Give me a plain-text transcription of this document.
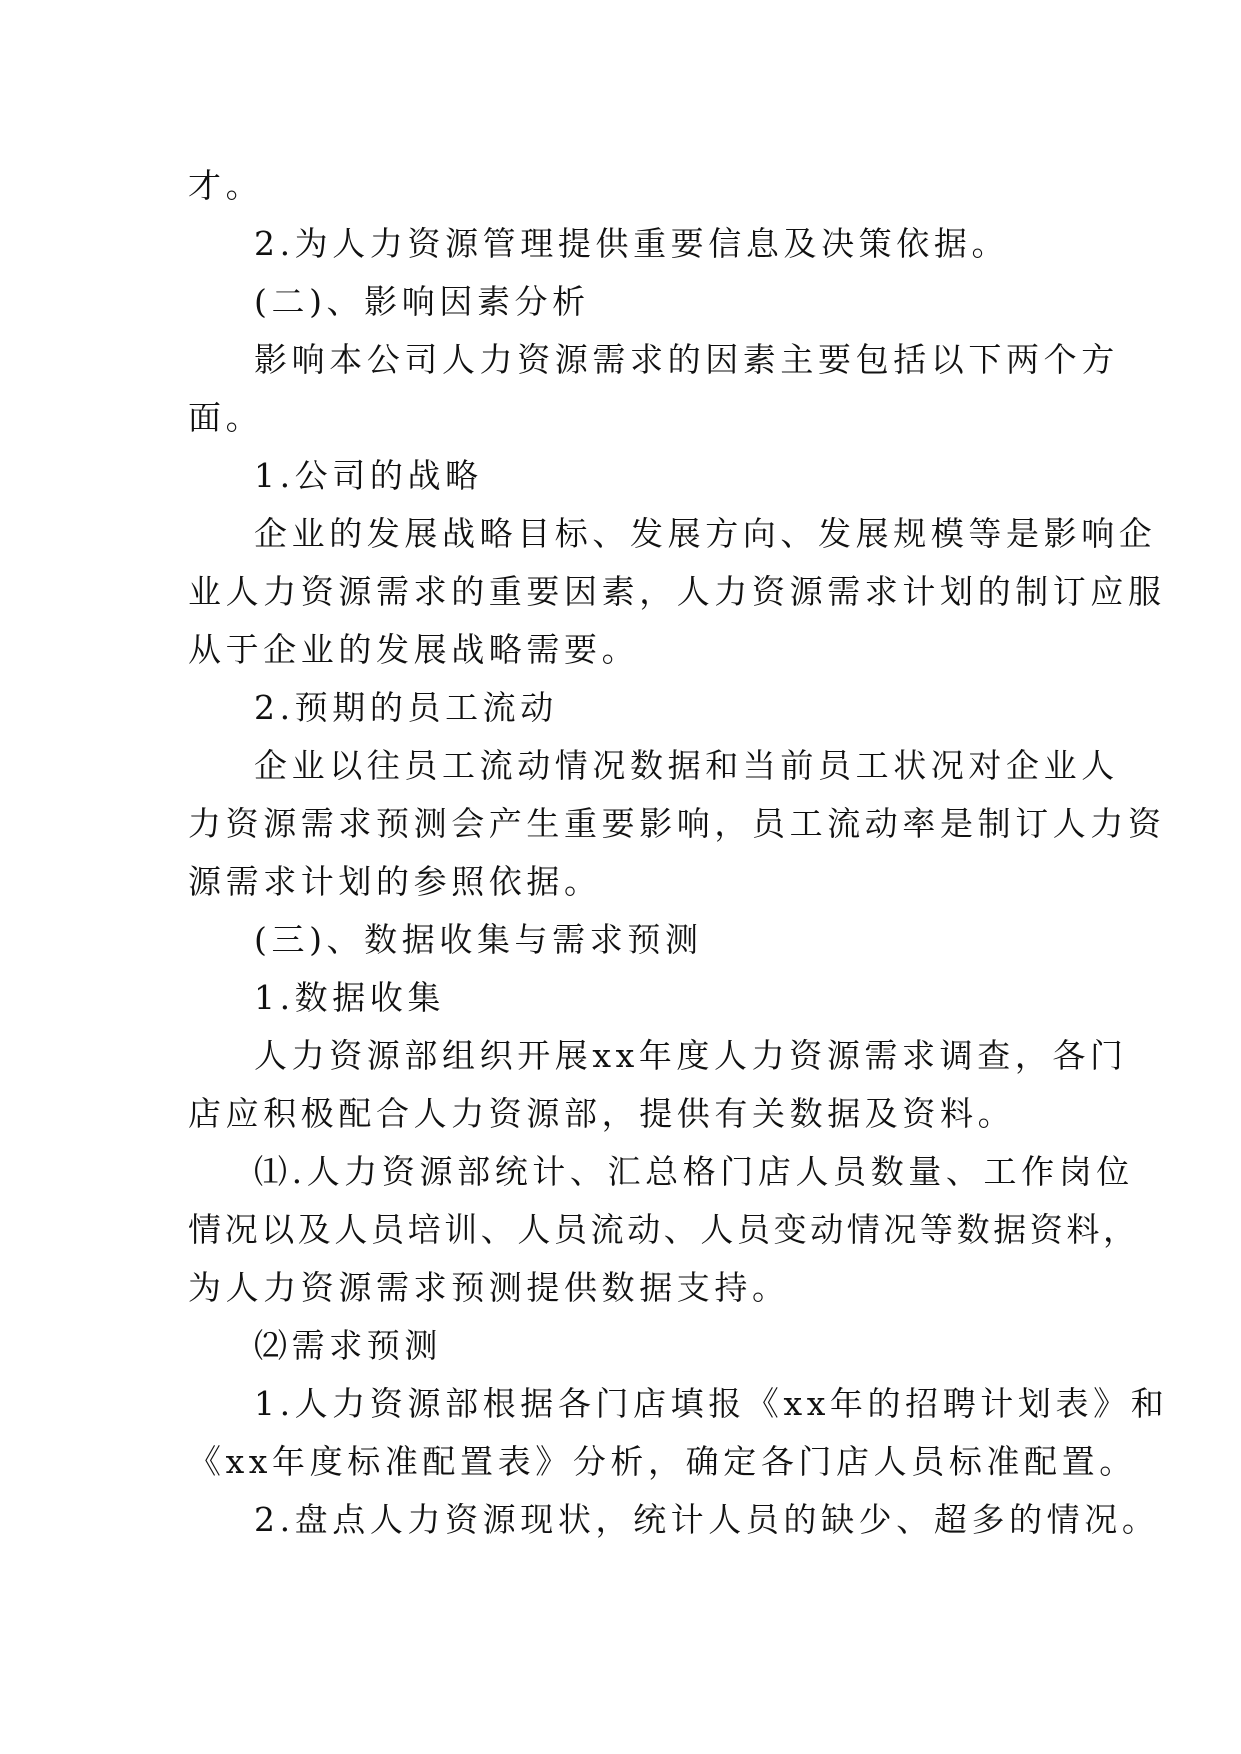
才。
2.为人力资源管理提供重要信息及决策依据。
(二)、影响因素分析
影响本公司人力资源需求的因素主要包括以下两个方
面。
1.公司的战略
企业的发展战略目标、发展方向、发展规模等是影响企
业人力资源需求的重要因素，人力资源需求计划的制订应服
从于企业的发展战略需要。
2.预期的员工流动
企业以往员工流动情况数据和当前员工状况对企业人
力资源需求预测会产生重要影响，员工流动率是制订人力资
源需求计划的参照依据。
(三)、数据收集与需求预测
1.数据收集
人力资源部组织开展xx年度人力资源需求调查，各门
店应积极配合人力资源部，提供有关数据及资料。
⑴.人力资源部统计、汇总格门店人员数量、工作岗位
情况以及人员培训、人员流动、人员变动情况等数据资料，
为人力资源需求预测提供数据支持。
⑵需求预测
1.人力资源部根据各门店填报《xx年的招聘计划表》和
《xx年度标准配置表》分析，确定各门店人员标准配置。
2.盘点人力资源现状，统计人员的缺少、超多的情况。
